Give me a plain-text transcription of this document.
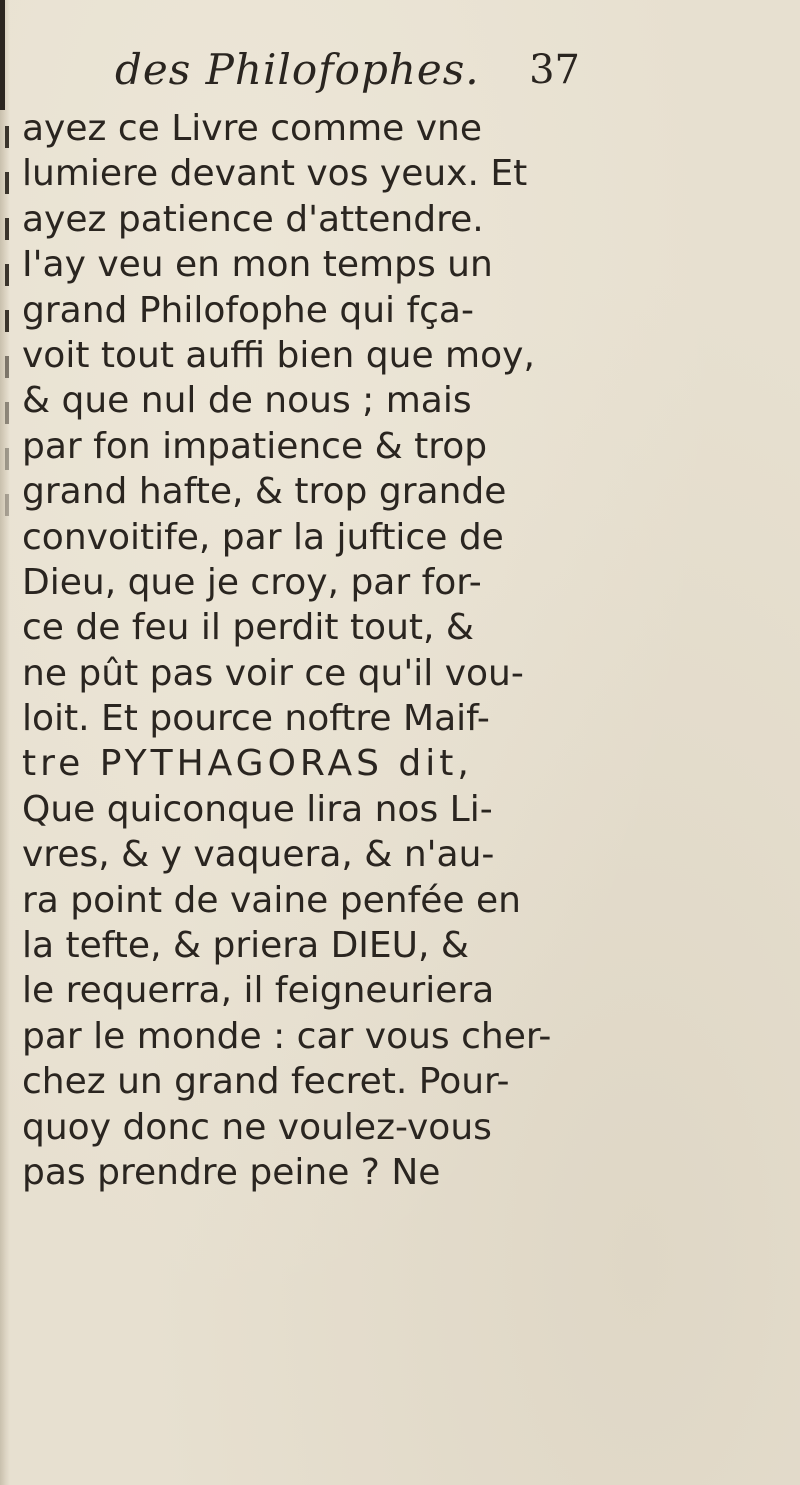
des Philofophes. 37
ayez ce Livre comme vne
lumiere devant vos yeux. Et
ayez patience d'attendre.
I'ay veu en mon temps un
grand Philofophe qui fça-
voit tout auffi bien que moy,
& que nul de nous ; mais
par fon impatience & trop
grand hafte, & trop grande
convoitife, par la juftice de
Dieu, que je croy, par for-
ce de feu il perdit tout, &
ne pût pas voir ce qu'il vou-
loit. Et pource noftre Maif-
tre PYTHAGORAS dit,
Que quiconque lira nos Li-
vres, & y vaquera, & n'au-
ra point de vaine penfée en
la tefte, & priera DIEU, &
le requerra, il feigneuriera
par le monde : car vous cher-
chez un grand fecret. Pour-
quoy donc ne voulez-vous
pas prendre peine ? Ne
